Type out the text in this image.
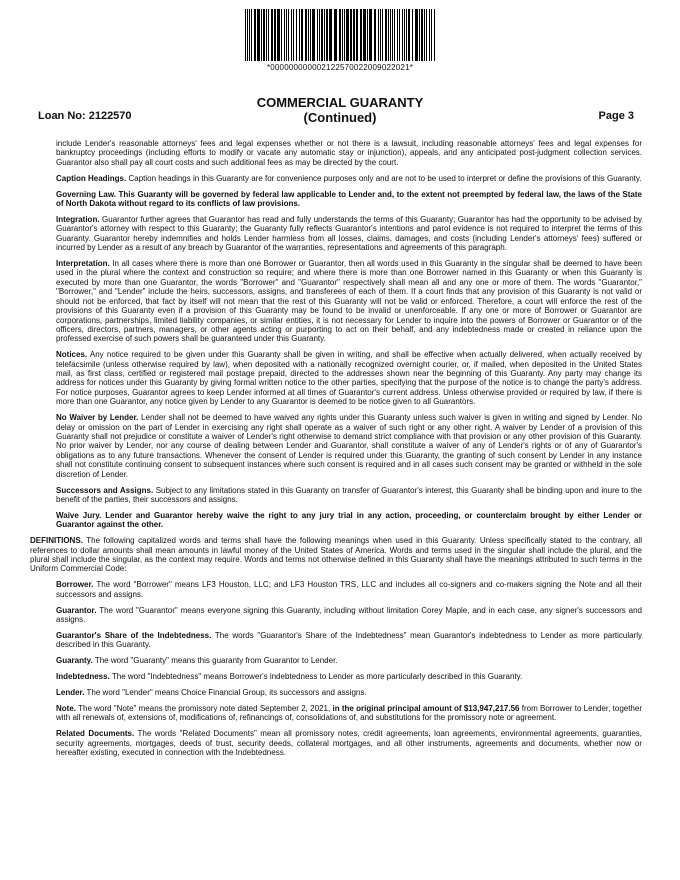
*000000000002122570022009022021*
Loan No: 2122570
COMMERCIAL GUARANTY
(Continued)	Page 3

include Lender's reasonable attorneys' fees and legal expenses whether or not there is a lawsuit, including reasonable attorneys' fees and legal expenses for bankruptcy proceedings (including efforts to modify or vacate any automatic stay or injunction), appeals, and any anticipated post-judgment collection services. Guarantor also shall pay all court costs and such additional fees as may be directed by the court.

Caption Headings. Caption headings in this Guaranty are for convenience purposes only and are not to be used to interpret or define the provisions of this Guaranty.

Governing Law. This Guaranty will be governed by federal law applicable to Lender and, to the extent not preempted by federal law, the laws of the State of North Dakota without regard to its conflicts of law provisions.

Integration. Guarantor further agrees that Guarantor has read and fully understands the terms of this Guaranty; Guarantor has had the opportunity to be advised by Guarantor's attorney with respect to this Guaranty; the Guaranty fully reflects Guarantor's intentions and parol evidence is not required to interpret the terms of this Guaranty. Guarantor hereby indemnifies and holds Lender harmless from all losses, claims, damages, and costs (including Lender's attorneys' fees) suffered or incurred by Lender as a result of any breach by Guarantor of the warranties, representations and agreements of this paragraph.

Interpretation. In all cases where there is more than one Borrower or Guarantor, then all words used in this Guaranty in the singular shall be deemed to have been used in the plural where the context and construction so require; and where there is more than one Borrower named in this Guaranty or when this Guaranty is executed by more than one Guarantor, the words "Borrower" and "Guarantor" respectively shall mean all and any one or more of them. The words "Guarantor," "Borrower," and "Lender" include the heirs, successors, assigns, and transferees of each of them. If a court finds that any provision of this Guaranty is not valid or should not be enforced, that fact by itself will not mean that the rest of this Guaranty will not be valid or enforced. Therefore, a court will enforce the rest of the provisions of this Guaranty even if a provision of this Guaranty may be found to be invalid or unenforceable. If any one or more of Borrower or Guarantor are corporations, partnerships, limited liability companies, or similar entities, it is not necessary for Lender to inquire into the powers of Borrower or Guarantor or of the officers, directors, partners, managers, or other agents acting or purporting to act on their behalf, and any indebtedness made or created in reliance upon the professed exercise of such powers shall be guaranteed under this Guaranty.

Notices. Any notice required to be given under this Guaranty shall be given in writing, and shall be effective when actually delivered, when actually received by telefacsimile (unless otherwise required by law), when deposited with a nationally recognized overnight courier, or, if mailed, when deposited in the United States mail, as first class, certified or registered mail postage prepaid, directed to the addresses shown near the beginning of this Guaranty. Any party may change its address for notices under this Guaranty by giving formal written notice to the other parties, specifying that the purpose of the notice is to change the party's address. For notice purposes, Guarantor agrees to keep Lender informed at all times of Guarantor's current address. Unless otherwise provided or required by law, if there is more than one Guarantor, any notice given by Lender to any Guarantor is deemed to be notice given to all Guarantors.

No Waiver by Lender. Lender shall not be deemed to have waived any rights under this Guaranty unless such waiver is given in writing and signed by Lender. No delay or omission on the part of Lender in exercising any right shall operate as a waiver of such right or any other right. A waiver by Lender of a provision of this Guaranty shall not prejudice or constitute a waiver of Lender's right otherwise to demand strict compliance with that provision or any other provision of this Guaranty. No prior waiver by Lender, nor any course of dealing between Lender and Guarantor, shall constitute a waiver of any of Lender's rights or of any of Guarantor's obligations as to any future transactions. Whenever the consent of Lender is required under this Guaranty, the granting of such consent by Lender in any instance shall not constitute continuing consent to subsequent instances where such consent is required and in all cases such consent may be granted or withheld in the sole discretion of Lender.

Successors and Assigns. Subject to any limitations stated in this Guaranty on transfer of Guarantor's interest, this Guaranty shall be binding upon and inure to the benefit of the parties, their successors and assigns.

Waive Jury. Lender and Guarantor hereby waive the right to any jury trial in any action, proceeding, or counterclaim brought by either Lender or Guarantor against the other.

DEFINITIONS. The following capitalized words and terms shall have the following meanings when used in this Guaranty. Unless specifically stated to the contrary, all references to dollar amounts shall mean amounts in lawful money of the United States of America. Words and terms used in the singular shall include the plural, and the plural shall include the singular, as the context may require. Words and terms not otherwise defined in this Guaranty shall have the meanings attributed to such terms in the Uniform Commercial Code:

Borrower. The word "Borrower" means LF3 Houston, LLC; and LF3 Houston TRS, LLC and includes all co-signers and co-makers signing the Note and all their successors and assigns.

Guarantor. The word "Guarantor" means everyone signing this Guaranty, including without limitation Corey Maple, and in each case, any signer's successors and assigns.

Guarantor's Share of the Indebtedness. The words "Guarantor's Share of the Indebtedness" mean Guarantor's indebtedness to Lender as more particularly described in this Guaranty.

Guaranty. The word "Guaranty" means this guaranty from Guarantor to Lender.

Indebtedness. The word "Indebtedness" means Borrower's indebtedness to Lender as more particularly described in this Guaranty.

Lender. The word "Lender" means Choice Financial Group, its successors and assigns.

Note. The word "Note" means the promissory note dated September 2, 2021, in the original principal amount of $13,947,217.56 from Borrower to Lender, together with all renewals of, extensions of, modifications of, refinancings of, consolidations of, and substitutions for the promissory note or agreement.

Related Documents. The words "Related Documents" mean all promissory notes, credit agreements, loan agreements, environmental agreements, guaranties, security agreements, mortgages, deeds of trust, security deeds, collateral mortgages, and all other instruments, agreements and documents, whether now or hereafter existing, executed in connection with the Indebtedness.
